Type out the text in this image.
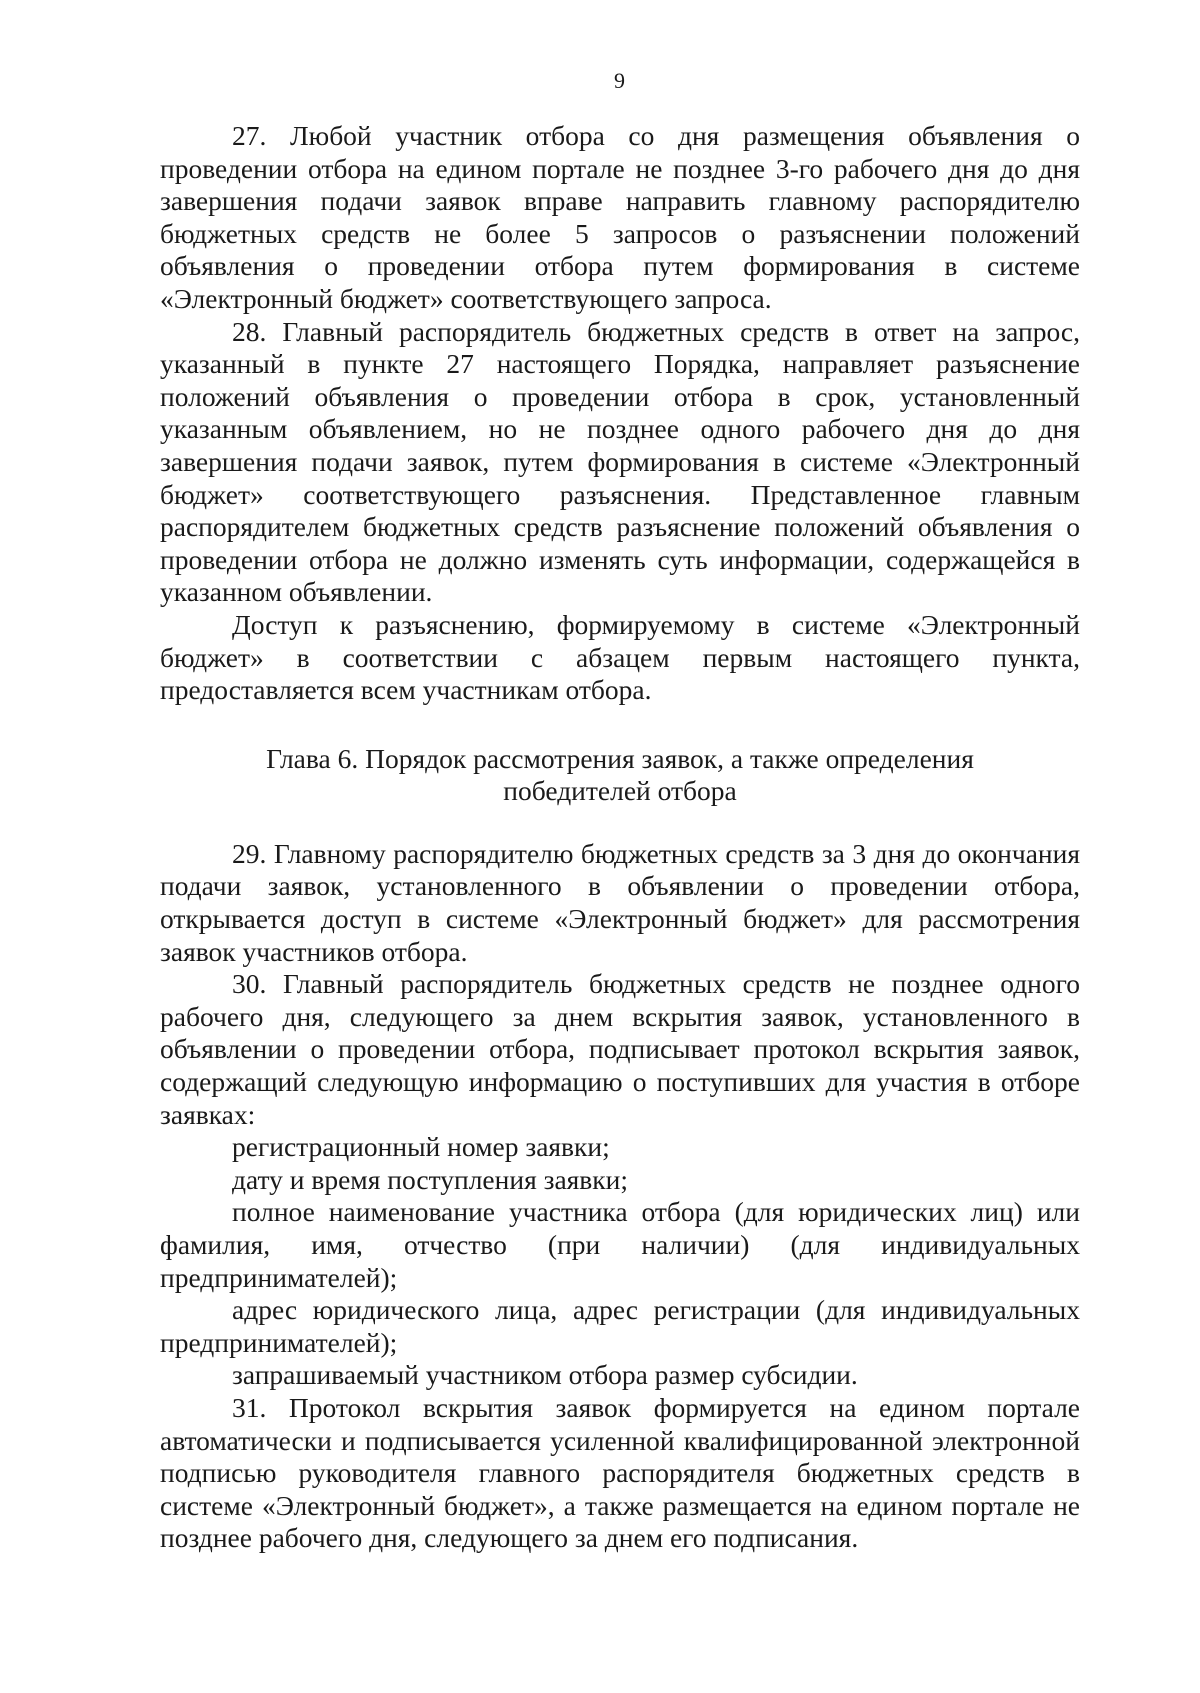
9

27. Любой участник отбора со дня размещения объявления о проведении отбора на едином портале не позднее 3-го рабочего дня до дня завершения подачи заявок вправе направить главному распорядителю бюджетных средств не более 5 запросов о разъяснении положений объявления о проведении отбора путем формирования в системе «Электронный бюджет» соответствующего запроса.

28. Главный распорядитель бюджетных средств в ответ на запрос, указанный в пункте 27 настоящего Порядка, направляет разъяснение положений объявления о проведении отбора в срок, установленный указанным объявлением, но не позднее одного рабочего дня до дня завершения подачи заявок, путем формирования в системе «Электронный бюджет» соответствующего разъяснения. Представленное главным распорядителем бюджетных средств разъяснение положений объявления о проведении отбора не должно изменять суть информации, содержащейся в указанном объявлении.

Доступ к разъяснению, формируемому в системе «Электронный бюджет» в соответствии с абзацем первым настоящего пункта, предоставляется всем участникам отбора.

Глава 6. Порядок рассмотрения заявок, а также определения
победителей отбора

29. Главному распорядителю бюджетных средств за 3 дня до окончания подачи заявок, установленного в объявлении о проведении отбора, открывается доступ в системе «Электронный бюджет» для рассмотрения заявок участников отбора.

30. Главный распорядитель бюджетных средств не позднее одного рабочего дня, следующего за днем вскрытия заявок, установленного в объявлении о проведении отбора, подписывает протокол вскрытия заявок, содержащий следующую информацию о поступивших для участия в отборе заявках:

регистрационный номер заявки;

дату и время поступления заявки;

полное наименование участника отбора (для юридических лиц) или фамилия, имя, отчество (при наличии) (для индивидуальных предпринимателей);

адрес юридического лица, адрес регистрации (для индивидуальных предпринимателей);

запрашиваемый участником отбора размер субсидии.

31. Протокол вскрытия заявок формируется на едином портале автоматически и подписывается усиленной квалифицированной электронной подписью руководителя главного распорядителя бюджетных средств в системе «Электронный бюджет», а также размещается на едином портале не позднее рабочего дня, следующего за днем его подписания.
